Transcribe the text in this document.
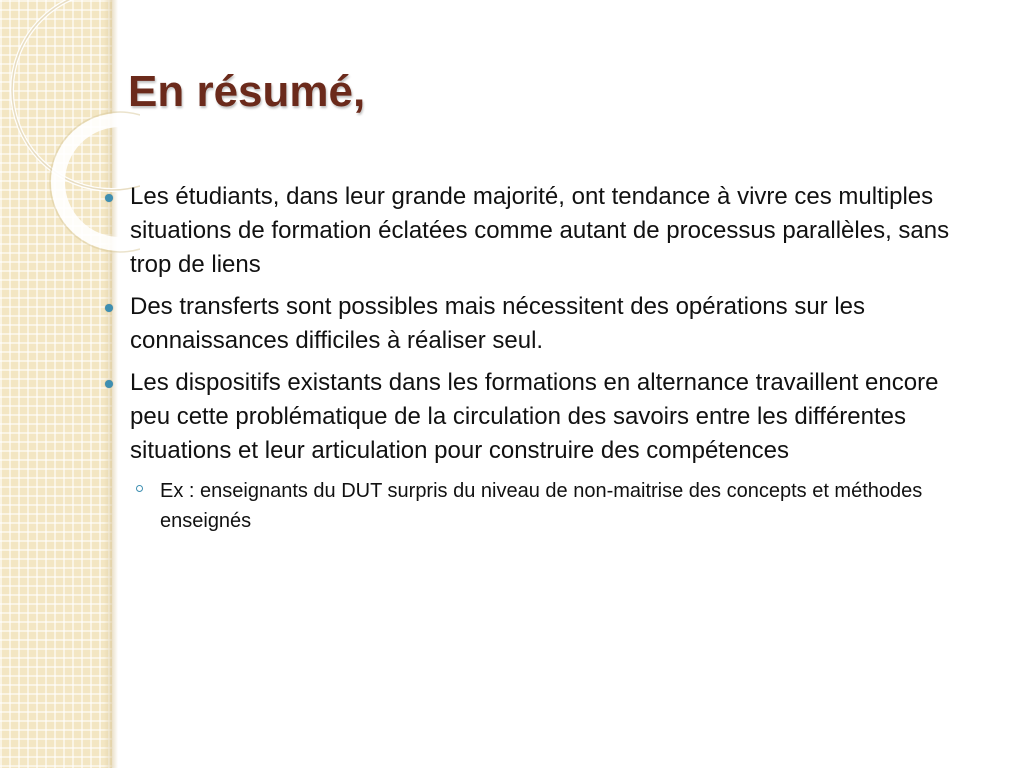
En résumé,
Les étudiants, dans leur grande majorité, ont tendance à vivre ces multiples situations de formation éclatées comme autant de processus parallèles, sans trop de liens
Des transferts sont possibles mais nécessitent des opérations sur les connaissances difficiles à réaliser seul.
Les dispositifs existants dans les formations en alternance travaillent encore peu cette problématique de la circulation des savoirs entre les différentes situations et leur articulation pour construire des compétences
Ex : enseignants du DUT surpris du niveau de non-maitrise des concepts et méthodes enseignés
